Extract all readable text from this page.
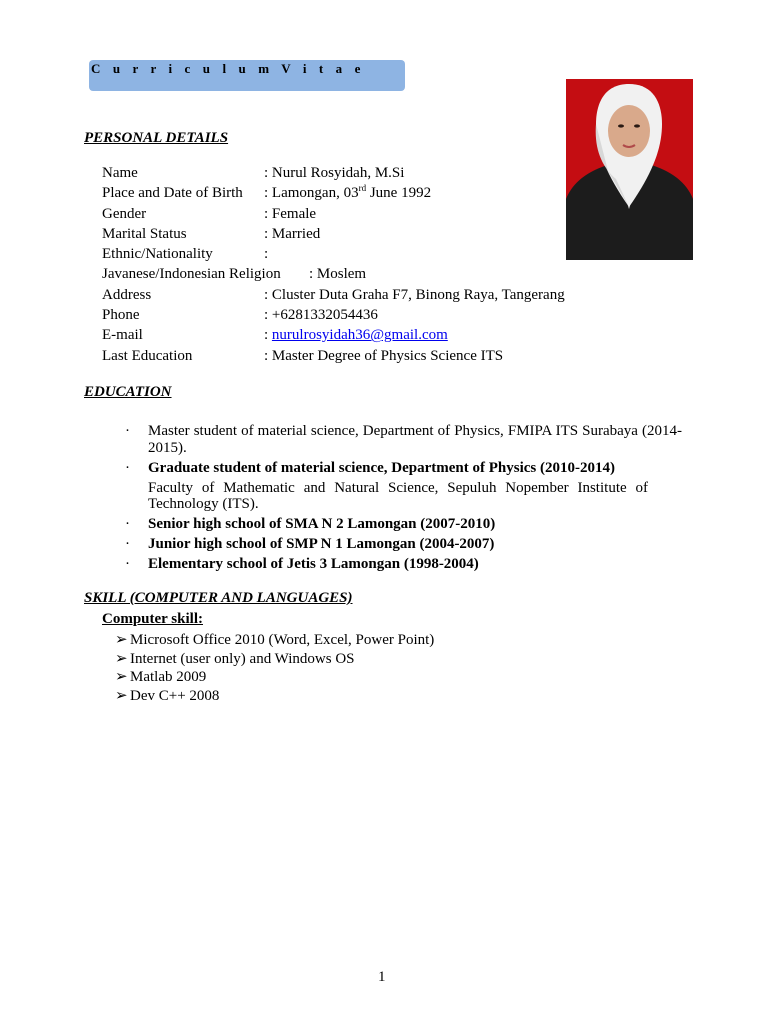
C u r r i c u l u m V i t a e
PERSONAL DETAILS
Name	: Nurul Rosyidah, M.Si
Place and Date of Birth : Lamongan, 03rd June 1992
Gender	: Female
Marital Status	: Married
Ethnic/Nationality	:
Javanese/Indonesian Religion : Moslem
Address	: Cluster Duta Graha F7, Binong Raya, Tangerang
Phone	: +6281332054436
E-mail	: nurulrosyidah36@gmail.com
Last Education	: Master Degree of Physics Science ITS
EDUCATION
· Master student of material science, Department of Physics, FMIPA ITS Surabaya (2014-2015).
· Graduate student of material science, Department of Physics (2010-2014)
Faculty of Mathematic and Natural Science, Sepuluh Nopember Institute of Technology (ITS).
· Senior high school of SMA N 2 Lamongan (2007-2010)
· Junior high school of SMP N 1 Lamongan (2004-2007)
· Elementary school of Jetis 3 Lamongan (1998-2004)
SKILL (COMPUTER AND LANGUAGES)
Computer skill:
➢ Microsoft Office 2010 (Word, Excel, Power Point)
➢ Internet (user only) and Windows OS
➢ Matlab 2009
➢ Dev C++ 2008
1
